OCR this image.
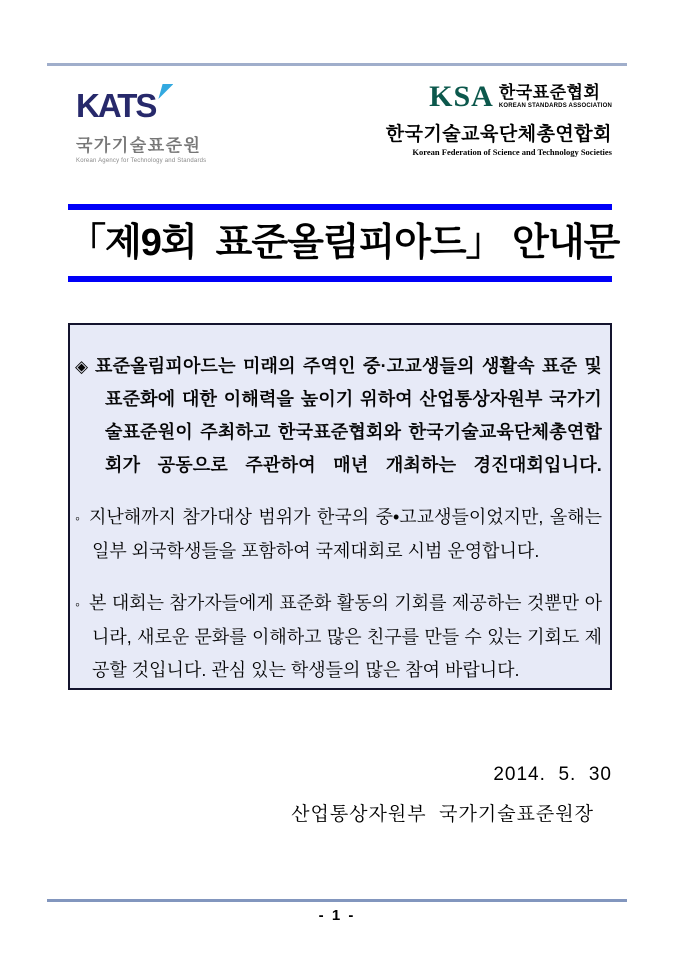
KATS
국가기술표준원
Korean Agency for Technology and Standards
KSA 한국표준협회
KOREAN STANDARDS ASSOCIATION
한국기술교육단체총연합회
Korean Federation of Science and Technology Societies
「제9회  표준올림피아드」 안내문

◈ 표준올림피아드는 미래의 주역인 중·고교생들의 생활속 표준 및 표준화에 대한 이해력을 높이기 위하여 산업통상자원부 국가기술표준원이 주최하고 한국표준협회와 한국기술교육단체총연합회가 공동으로 주관하여 매년 개최하는 경진대회입니다.

◦ 지난해까지 참가대상 범위가 한국의 중•고교생들이었지만, 올해는 일부 외국학생들을 포함하여 국제대회로 시범 운영합니다.

◦ 본 대회는 참가자들에게 표준화 활동의 기회를 제공하는 것뿐만 아니라, 새로운 문화를 이해하고 많은 친구를 만들 수 있는 기회도 제공할 것입니다. 관심 있는 학생들의 많은 참여 바랍니다.

2014.  5.  30
산업통상자원부  국가기술표준원장
- 1 -
